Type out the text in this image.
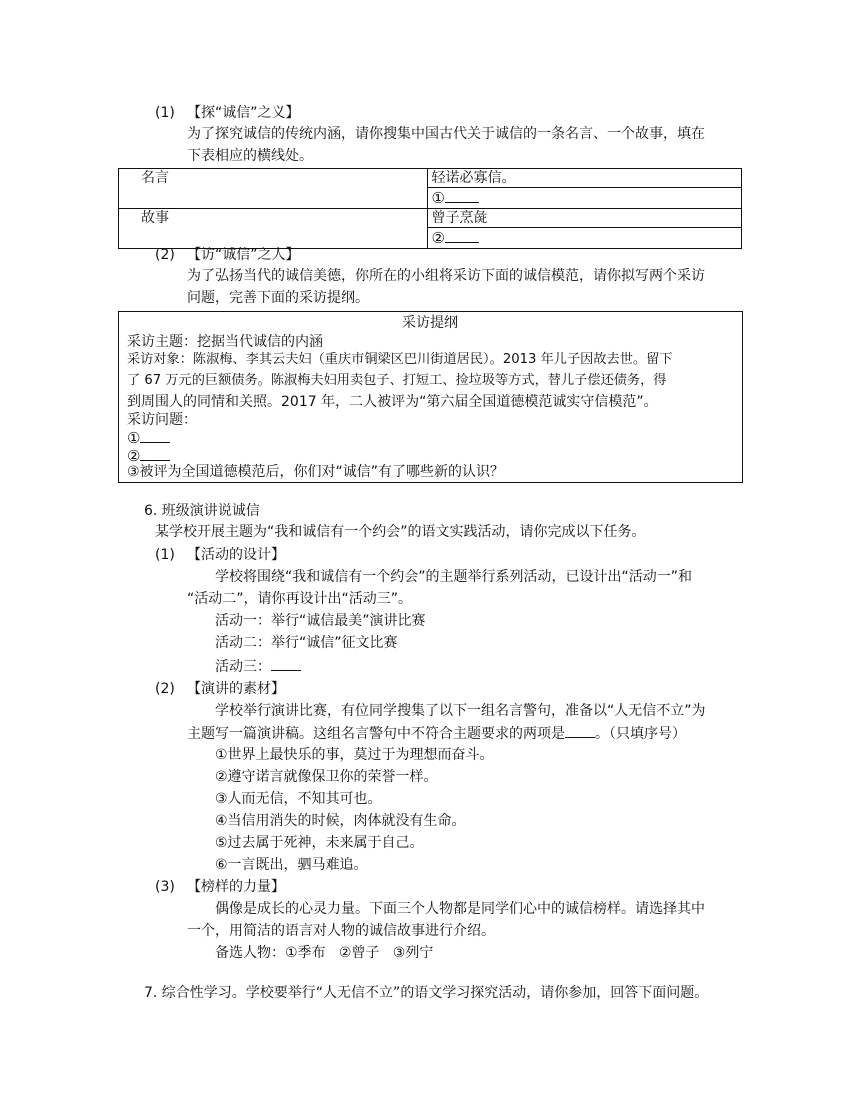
(1) 【探“诚信”之义】
为了探究诚信的传统内涵，请你搜集中国古代关于诚信的一条名言、一个故事，填在
下表相应的横线处。
名言	轻诺必寡信。
	①
故事	曾子烹彘
	②
(2) 【访“诚信”之人】
为了弘扬当代的诚信美德，你所在的小组将采访下面的诚信模范，请你拟写两个采访
问题，完善下面的采访提纲。
采访提纲
采访主题：挖据当代诚信的内涵
采访对象：陈淑梅、李其云夫妇（重庆市铜梁区巴川街道居民）。2013 年儿子因故去世。留下
了 67 万元的巨额债务。陈淑梅夫妇用卖包子、打短工、捡垃圾等方式，替儿子偿还债务，得
到周围人的同情和关照。2017 年，二人被评为“第六届全国道德模范诚实守信模范”。
采访问题：
①
②
③被评为全国道德模范后，你们对“诚信”有了哪些新的认识？
6. 班级演讲说诚信
某学校开展主题为“我和诚信有一个约会”的语文实践活动，请你完成以下任务。
(1) 【活动的设计】
学校将围绕“我和诚信有一个约会”的主题举行系列活动，已设计出“活动一”和
“活动二”，请你再设计出“活动三”。
活动一：举行“诚信最美”演讲比赛
活动二：举行“诚信”征文比赛
活动三：
(2) 【演讲的素材】
学校举行演讲比赛，有位同学搜集了以下一组名言警句，准备以“人无信不立”为
主题写一篇演讲稿。这组名言警句中不符合主题要求的两项是 。（只填序号）
①世界上最快乐的事，莫过于为理想而奋斗。
②遵守诺言就像保卫你的荣誉一样。
③人而无信，不知其可也。
④当信用消失的时候，肉体就没有生命。
⑤过去属于死神，未来属于自己。
⑥一言既出，驷马难追。
(3) 【榜样的力量】
偶像是成长的心灵力量。下面三个人物都是同学们心中的诚信榜样。请选择其中
一个，用简洁的语言对人物的诚信故事进行介绍。
备选人物：①季布   ②曾子   ③列宁
7. 综合性学习。学校要举行“人无信不立”的语文学习探究活动，请你参加，回答下面问题。
